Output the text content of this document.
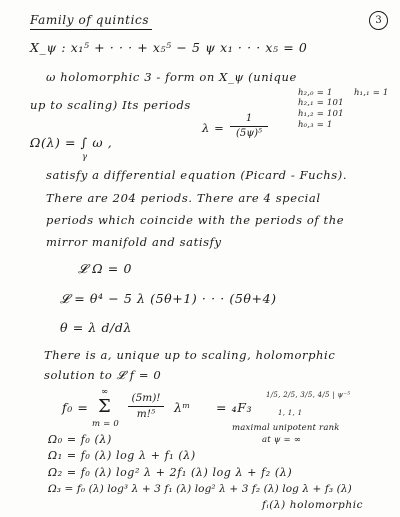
Family of quintics	3
X_ψ : x₁⁵ + · · · + x₅⁵ − 5 ψ x₁ · · · x₅ = 0
h₂,₀ = 1	h₁,₁ = 1
h₂,₁ = 101
h₁,₂ = 101
h₀,₃ = 1
ω holomorphic 3 - form on X_ψ (unique
up to scaling) Its periods
Ω(λ) = ∫ ω ,
γ
λ =
1
(5ψ)⁵
satisfy a differential equation (Picard - Fuchs).
There are 204 periods. There are 4 special
periods which coincide with the periods of the
mirror manifold and satisfy
𝓛 Ω = 0
𝓛 = θ⁴ − 5 λ (5θ+1) · · · (5θ+4)
θ = λ d/dλ
There is a, unique up to scaling, holomorphic
solution to 𝓛 f = 0
f₀ =
∞
Σ
m = 0
(5m)!
m!⁵	λᵐ = ₄F₃
1/5, 2/5, 3/5, 4/5 | ψ⁻⁵
1, 1, 1
maximal unipotent rank
at ψ = ∞
Ω₀ = f₀ (λ)
Ω₁ = f₀ (λ) log λ + f₁ (λ)
Ω₂ = f₀ (λ) log² λ + 2f₁ (λ) log λ + f₂ (λ)
Ω₃ = f₀ (λ) log³ λ + 3 f₁ (λ) log² λ + 3 f₂ (λ) log λ + f₃ (λ)
fᵢ(λ) holomorphic
